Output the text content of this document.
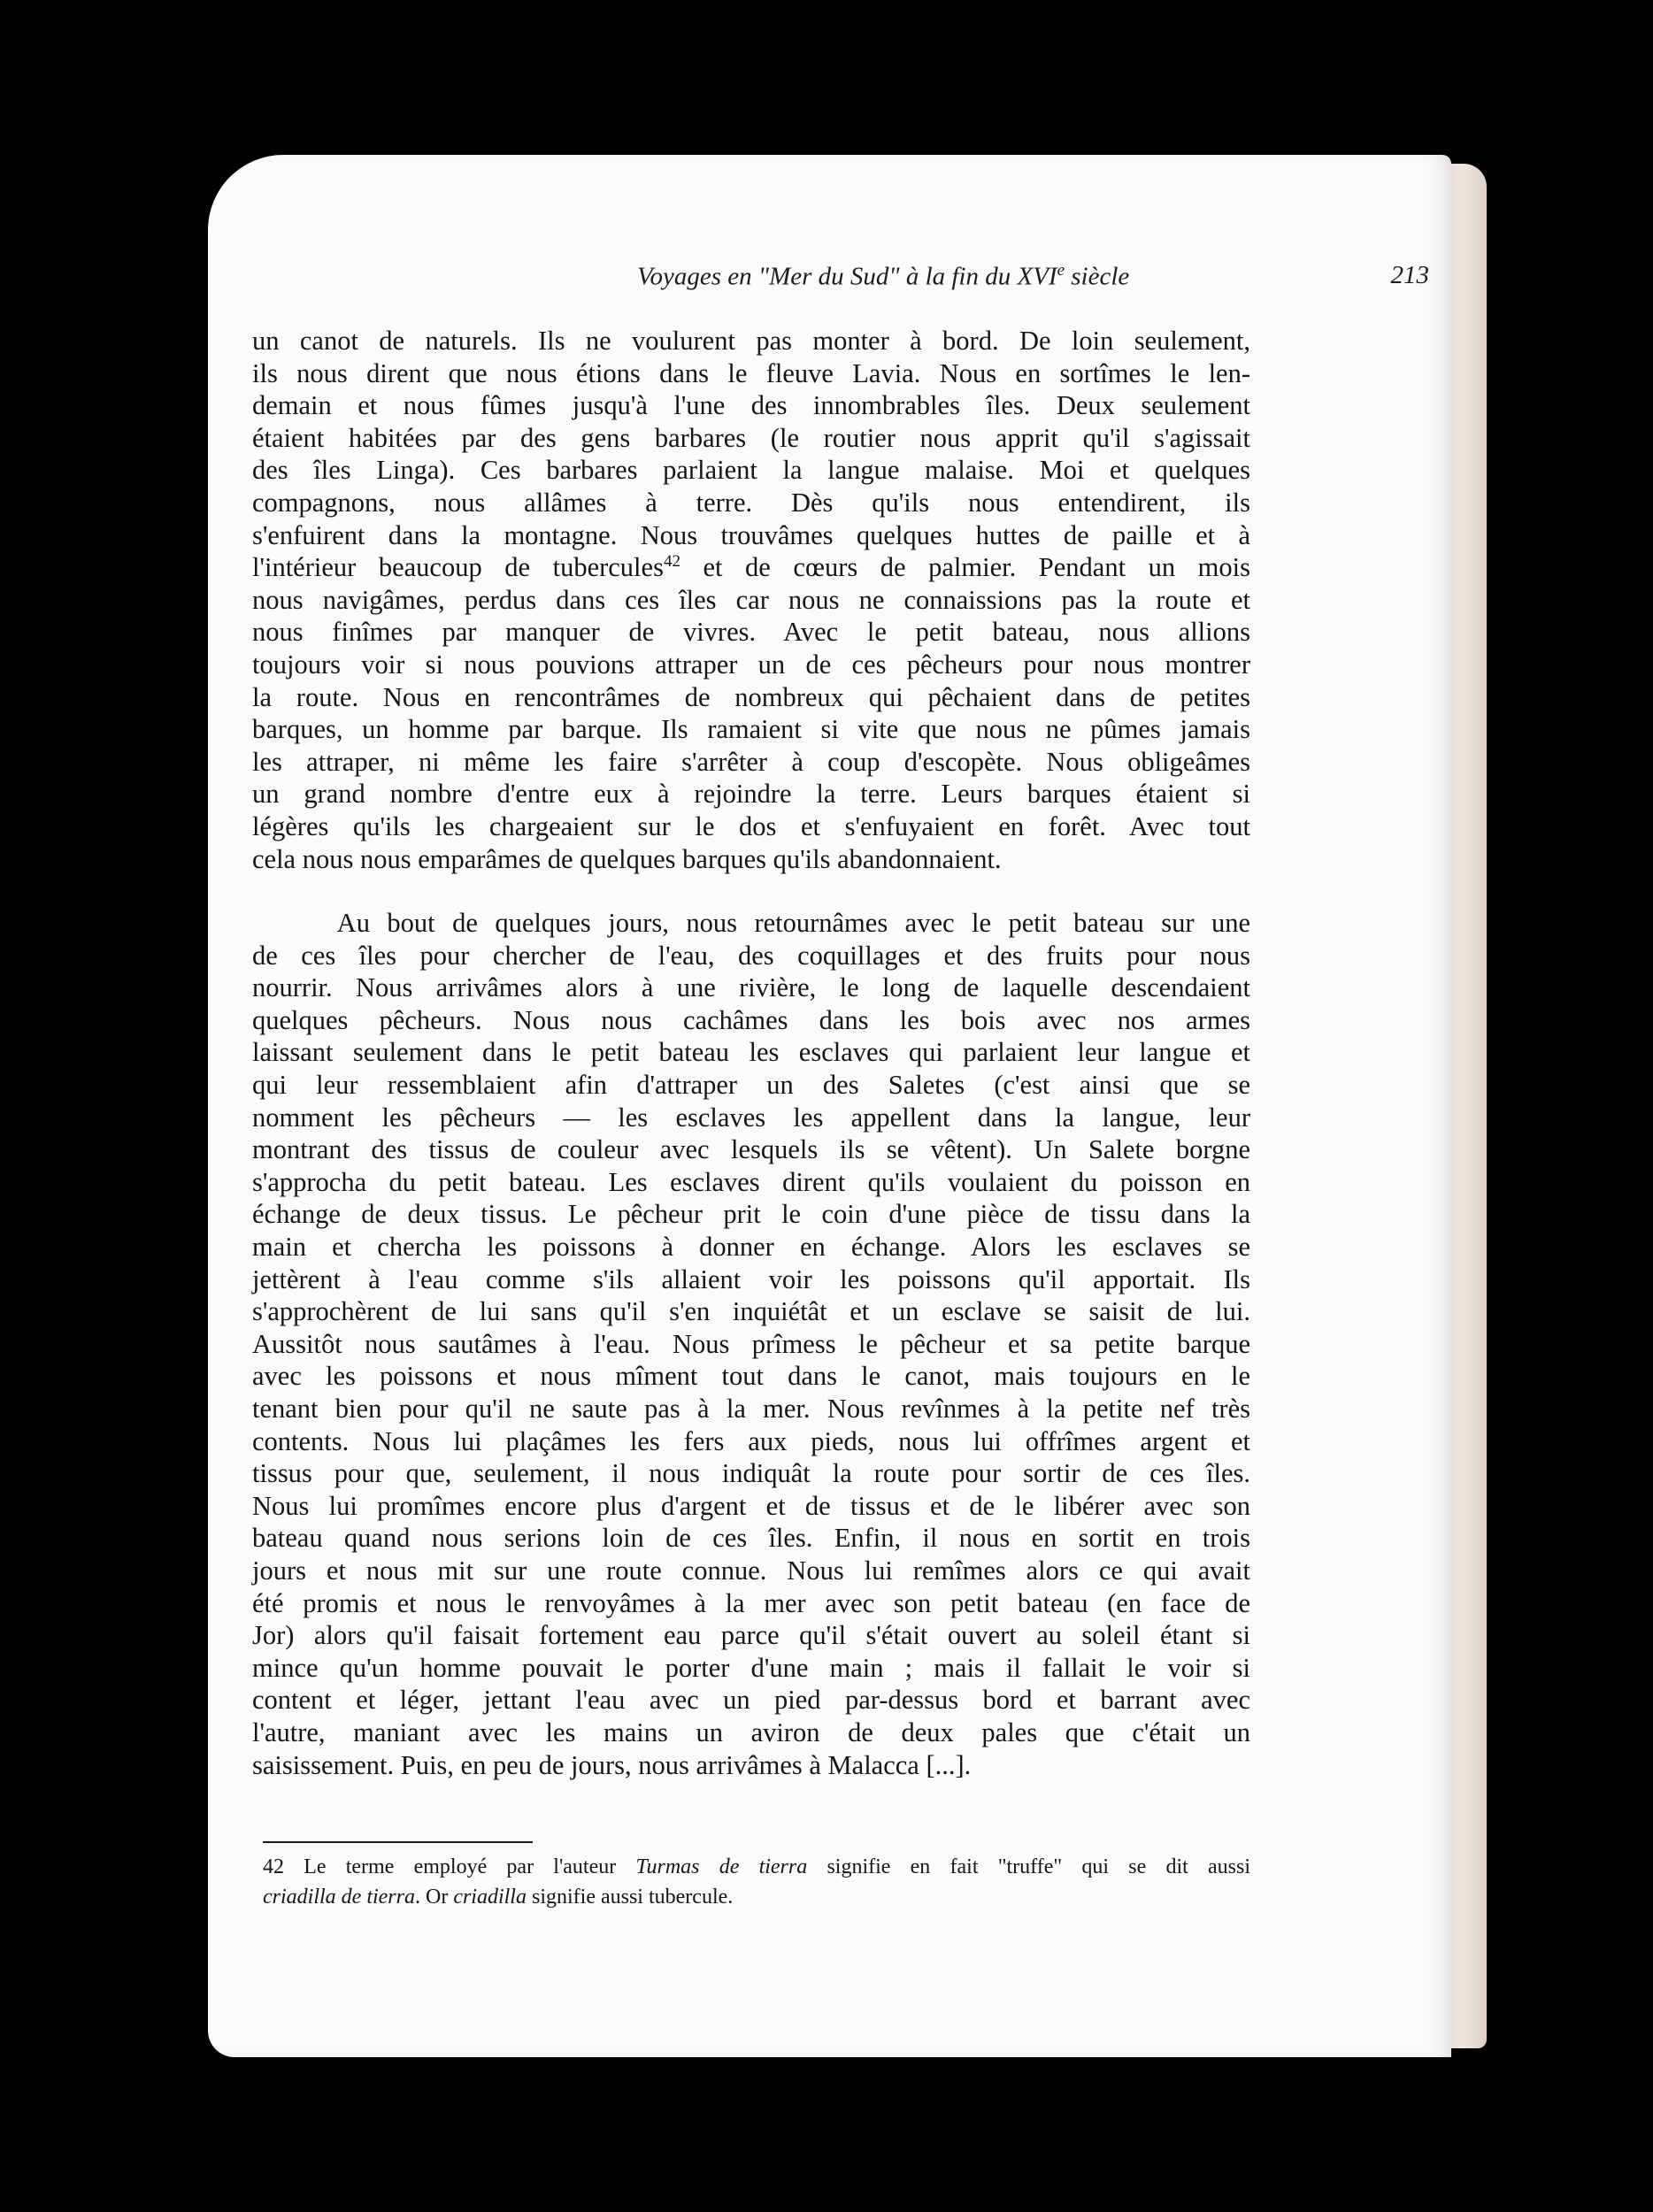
Voyages en "Mer du Sud" à la fin du XVIe siècle	213
un canot de naturels. Ils ne voulurent pas monter à bord. De loin seulement,
ils nous dirent que nous étions dans le fleuve Lavia. Nous en sortîmes le len-
demain et nous fûmes jusqu'à l'une des innombrables îles. Deux seulement
étaient habitées par des gens barbares (le routier nous apprit qu'il s'agissait
des îles Linga). Ces barbares parlaient la langue malaise. Moi et quelques
compagnons, nous allâmes à terre. Dès qu'ils nous entendirent, ils
s'enfuirent dans la montagne. Nous trouvâmes quelques huttes de paille et à
l'intérieur beaucoup de tubercules$^{42}$ et de cœurs de palmier. Pendant un mois
nous navigâmes, perdus dans ces îles car nous ne connaissions pas la route et
nous finîmes par manquer de vivres. Avec le petit bateau, nous allions
toujours voir si nous pouvions attraper un de ces pêcheurs pour nous montrer
la route. Nous en rencontrâmes de nombreux qui pêchaient dans de petites
barques, un homme par barque. Ils ramaient si vite que nous ne pûmes jamais
les attraper, ni même les faire s'arrêter à coup d'escopète. Nous obligeâmes
un grand nombre d'entre eux à rejoindre la terre. Leurs barques étaient si
légères qu'ils les chargeaient sur le dos et s'enfuyaient en forêt. Avec tout
cela nous nous emparâmes de quelques barques qu'ils abandonnaient.
Au bout de quelques jours, nous retournâmes avec le petit bateau sur une
de ces îles pour chercher de l'eau, des coquillages et des fruits pour nous
nourrir. Nous arrivâmes alors à une rivière, le long de laquelle descendaient
quelques pêcheurs. Nous nous cachâmes dans les bois avec nos armes
laissant seulement dans le petit bateau les esclaves qui parlaient leur langue et
qui leur ressemblaient afin d'attraper un des Saletes (c'est ainsi que se
nomment les pêcheurs — les esclaves les appellent dans la langue, leur
montrant des tissus de couleur avec lesquels ils se vêtent). Un Salete borgne
s'approcha du petit bateau. Les esclaves dirent qu'ils voulaient du poisson en
échange de deux tissus. Le pêcheur prit le coin d'une pièce de tissu dans la
main et chercha les poissons à donner en échange. Alors les esclaves se
jettèrent à l'eau comme s'ils allaient voir les poissons qu'il apportait. Ils
s'approchèrent de lui sans qu'il s'en inquiétât et un esclave se saisit de lui.
Aussitôt nous sautâmes à l'eau. Nous prîmess le pêcheur et sa petite barque
avec les poissons et nous mîment tout dans le canot, mais toujours en le
tenant bien pour qu'il ne saute pas à la mer. Nous revînmes à la petite nef très
contents. Nous lui plaçâmes les fers aux pieds, nous lui offrîmes argent et
tissus pour que, seulement, il nous indiquât la route pour sortir de ces îles.
Nous lui promîmes encore plus d'argent et de tissus et de le libérer avec son
bateau quand nous serions loin de ces îles. Enfin, il nous en sortit en trois
jours et nous mit sur une route connue. Nous lui remîmes alors ce qui avait
été promis et nous le renvoyâmes à la mer avec son petit bateau (en face de
Jor) alors qu'il faisait fortement eau parce qu'il s'était ouvert au soleil étant si
mince qu'un homme pouvait le porter d'une main ; mais il fallait le voir si
content et léger, jettant l'eau avec un pied par-dessus bord et barrant avec
l'autre, maniant avec les mains un aviron de deux pales que c'était un
saisissement. Puis, en peu de jours, nous arrivâmes à Malacca [...].
42 Le terme employé par l'auteur Turmas de tierra signifie en fait "truffe" qui se dit aussi
criadilla de tierra. Or criadilla signifie aussi tubercule.
